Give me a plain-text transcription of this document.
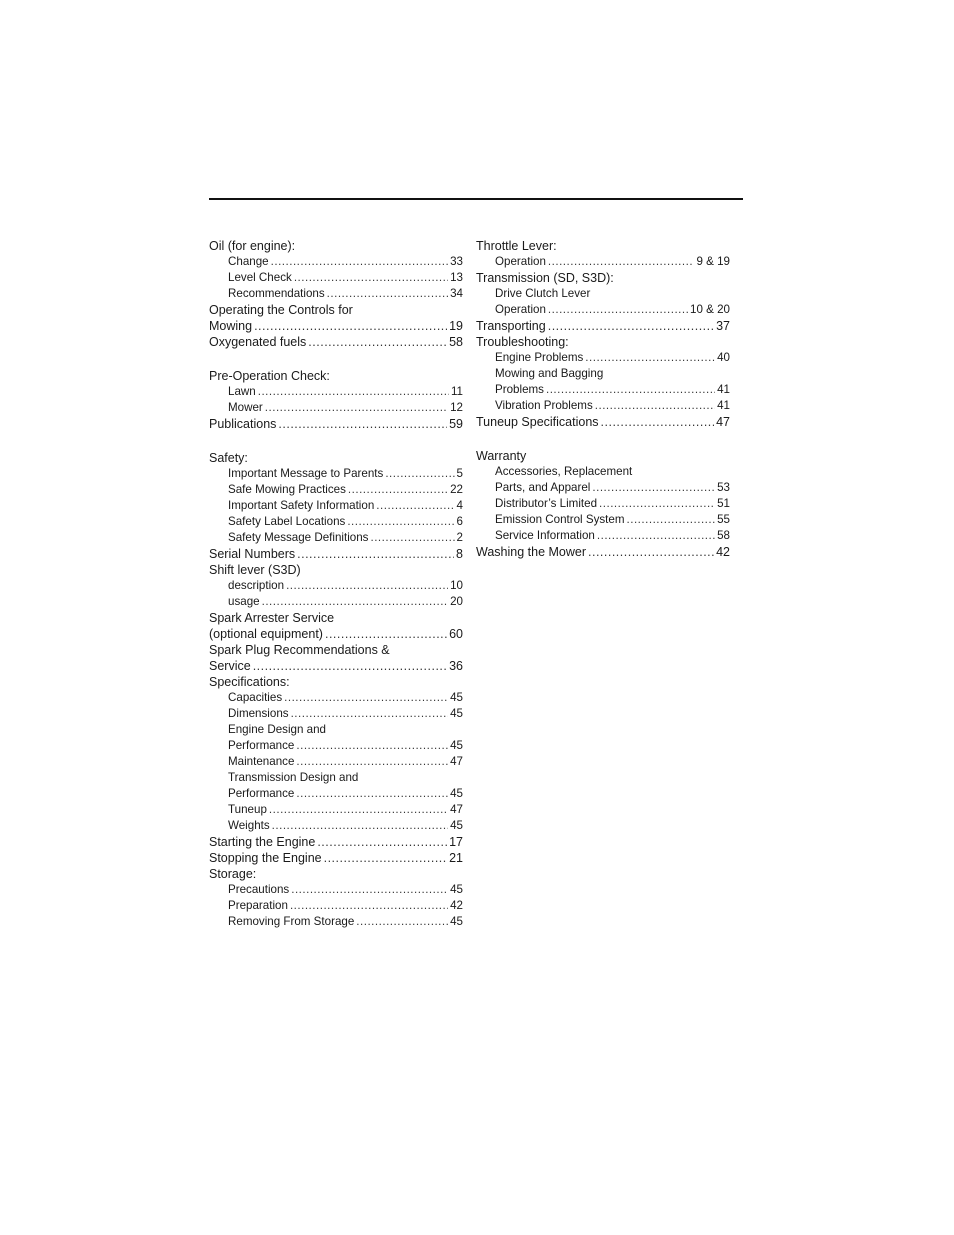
Oil (for engine):
Change .....	33
Level Check .....	13
Recommendations .....	34
Operating the Controls for
Mowing .....	19
Oxygenated fuels .....	58
Pre-Operation Check:
Lawn .....	11
Mower .....	12
Publications .....	59
Safety:
Important Message to Parents .....	5
Safe Mowing Practices .....	22
Important Safety Information .....	4
Safety Label Locations .....	6
Safety Message Definitions .....	2
Serial Numbers .....	8
Shift lever (S3D)
description .....	10
usage .....	20
Spark Arrester Service
(optional equipment) .....	60
Spark Plug Recommendations &
Service .....	36
Specifications:
Capacities .....	45
Dimensions .....	45
Engine Design and
Performance .....	45
Maintenance .....	47
Transmission Design and
Performance .....	45
Tuneup .....	47
Weights .....	45
Starting the Engine .....	17
Stopping the Engine .....	21
Storage:
Precautions .....	45
Preparation .....	42
Removing From Storage .....	45
Throttle Lever:
Operation .....	9 & 19
Transmission (SD, S3D):
Drive Clutch Lever
Operation .....	10 & 20
Transporting .....	37
Troubleshooting:
Engine Problems .....	40
Mowing and Bagging
Problems .....	41
Vibration Problems .....	41
Tuneup Specifications .....	47
Warranty
Accessories, Replacement
Parts, and Apparel .....	53
Distributor’s Limited .....	51
Emission Control System .....	55
Service Information .....	58
Washing the Mower .....	42
